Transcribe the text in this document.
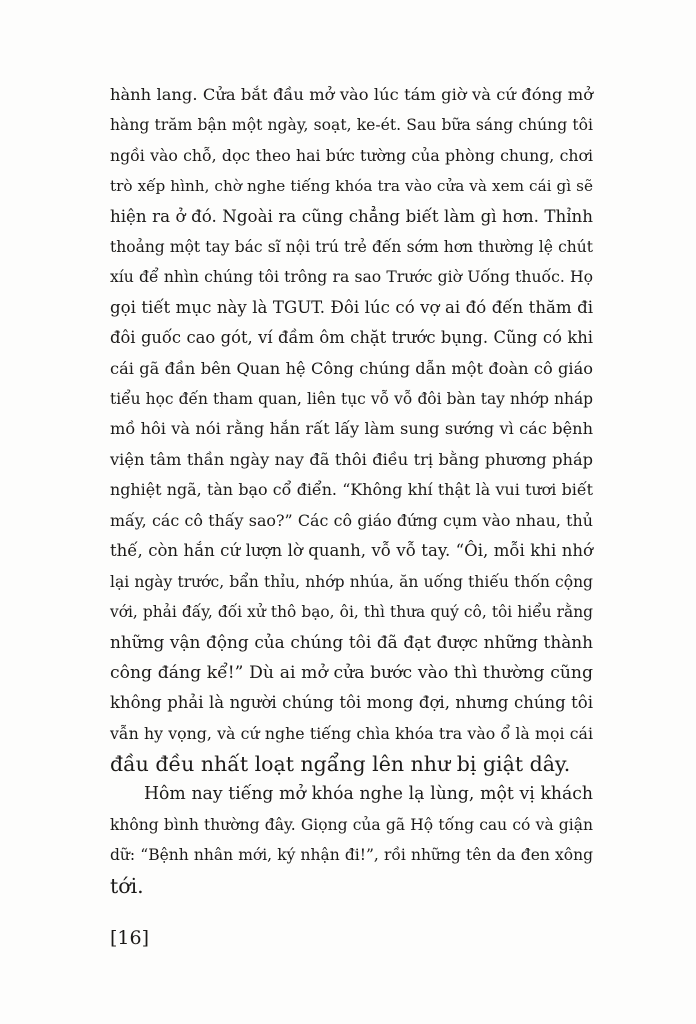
hành lang. Cửa bắt đầu mở vào lúc tám giờ và cứ đóng mở
hàng trăm bận một ngày, soạt, ke-ét. Sau bữa sáng chúng tôi
ngồi vào chỗ, dọc theo hai bức tường của phòng chung, chơi
trò xếp hình, chờ nghe tiếng khóa tra vào cửa và xem cái gì sẽ
hiện ra ở đó. Ngoài ra cũng chẳng biết làm gì hơn. Thỉnh
thoảng một tay bác sĩ nội trú trẻ đến sớm hơn thường lệ chút
xíu để nhìn chúng tôi trông ra sao Trước giờ Uống thuốc. Họ
gọi tiết mục này là TGUT. Đôi lúc có vợ ai đó đến thăm đi
đôi guốc cao gót, ví đầm ôm chặt trước bụng. Cũng có khi
cái gã đần bên Quan hệ Công chúng dẫn một đoàn cô giáo
tiểu học đến tham quan, liên tục vỗ vỗ đôi bàn tay nhớp nháp
mồ hôi và nói rằng hắn rất lấy làm sung sướng vì các bệnh
viện tâm thần ngày nay đã thôi điều trị bằng phương pháp
nghiệt ngã, tàn bạo cổ điển. “Không khí thật là vui tươi biết
mấy, các cô thấy sao?” Các cô giáo đứng cụm vào nhau, thủ
thế, còn hắn cứ lượn lờ quanh, vỗ vỗ tay. “Ôi, mỗi khi nhớ
lại ngày trước, bẩn thỉu, nhớp nhúa, ăn uống thiếu thốn cộng
với, phải đấy, đối xử thô bạo, ôi, thì thưa quý cô, tôi hiểu rằng
những vận động của chúng tôi đã đạt được những thành
công đáng kể!” Dù ai mở cửa bước vào thì thường cũng
không phải là người chúng tôi mong đợi, nhưng chúng tôi
vẫn hy vọng, và cứ nghe tiếng chìa khóa tra vào ổ là mọi cái
đầu đều nhất loạt ngẩng lên như bị giật dây.
Hôm nay tiếng mở khóa nghe lạ lùng, một vị khách
không bình thường đây. Giọng của gã Hộ tống cau có và giận
dữ: “Bệnh nhân mới, ký nhận đi!”, rồi những tên da đen xông
tới.
[16]
